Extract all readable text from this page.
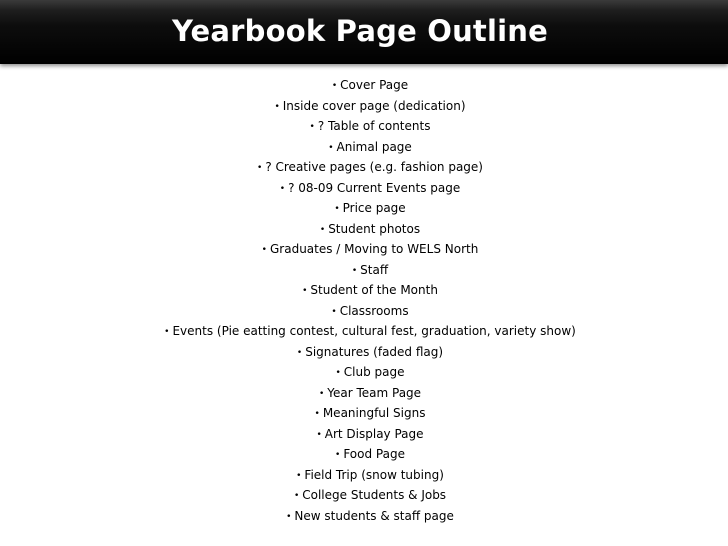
Yearbook Page Outline
• Cover Page
• Inside cover page (dedication)
• ? Table of contents
• Animal page
• ? Creative pages (e.g. fashion page)
• ? 08-09 Current Events page
• Price page
• Student photos
• Graduates / Moving to WELS North
• Staff
• Student of the Month
• Classrooms
• Events (Pie eatting contest, cultural fest, graduation, variety show)
• Signatures (faded flag)
• Club page
• Year Team Page
• Meaningful Signs
• Art Display Page
• Food Page
• Field Trip (snow tubing)
• College Students & Jobs
• New students & staff page
